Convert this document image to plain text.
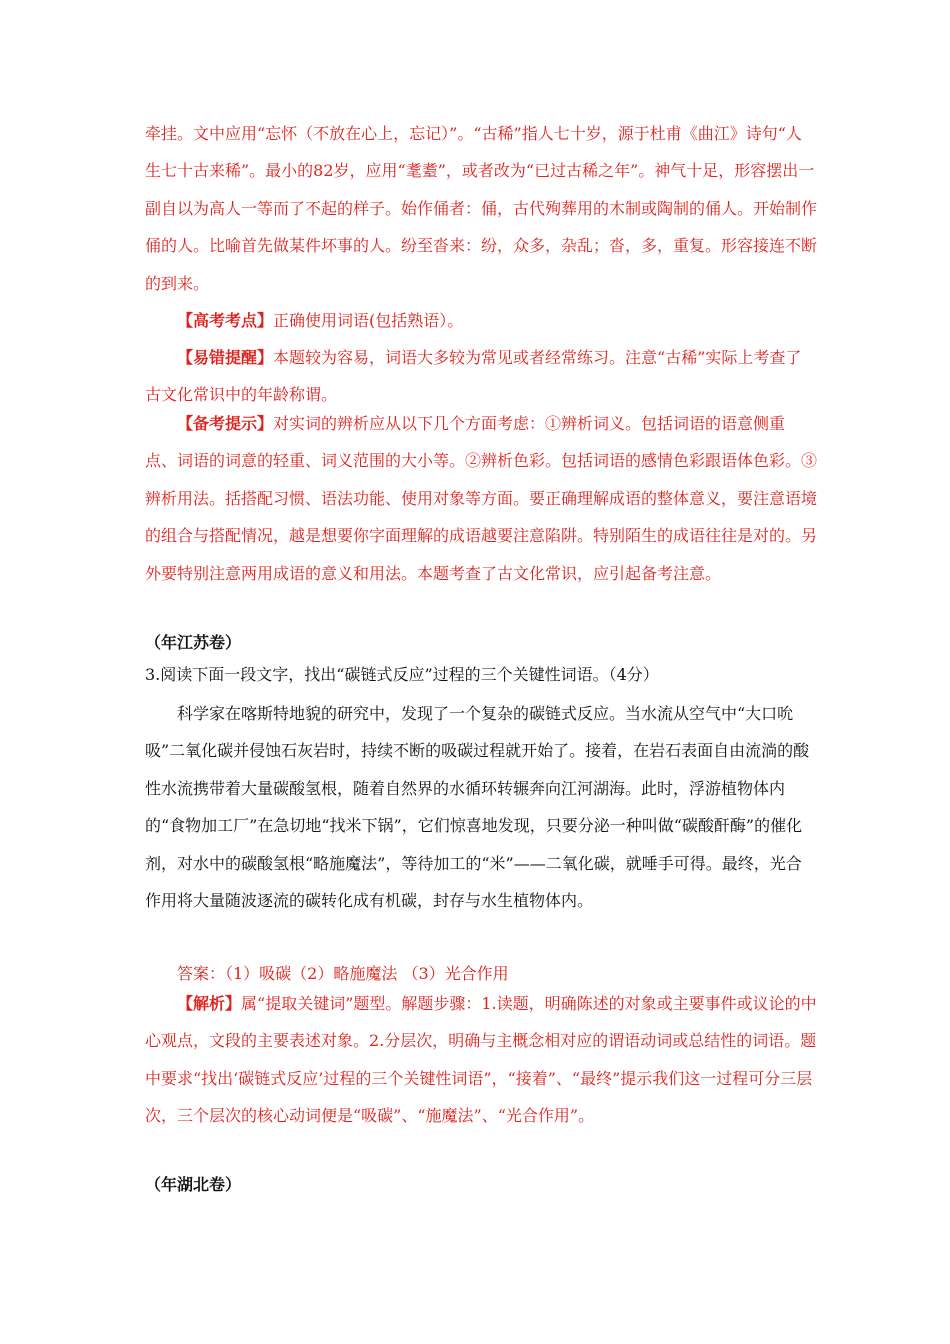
牵挂。文中应用“忘怀（不放在心上，忘记）”。“古稀”指人七十岁，源于杜甫《曲江》诗句“人生七十古来稀”。最小的82岁，应用“耄耋”，或者改为“已过古稀之年”。神气十足，形容摆出一副自以为高人一等而了不起的样子。始作俑者：俑，古代殉葬用的木制或陶制的俑人。开始制作俑的人。比喻首先做某件坏事的人。纷至沓来：纷，众多，杂乱；沓，多，重复。形容接连不断的到来。

【高考考点】正确使用词语(包括熟语）。

【易错提醒】本题较为容易，词语大多较为常见或者经常练习。注意“古稀”实际上考查了古文化常识中的年龄称谓。

【备考提示】对实词的辨析应从以下几个方面考虑：①辨析词义。包括词语的语意侧重点、词语的词意的轻重、词义范围的大小等。②辨析色彩。包括词语的感情色彩跟语体色彩。③辨析用法。括搭配习惯、语法功能、使用对象等方面。要正确理解成语的整体意义，要注意语境的组合与搭配情况，越是想要你字面理解的成语越要注意陷阱。特别陌生的成语往往是对的。另外要特别注意两用成语的意义和用法。本题考查了古文化常识，应引起备考注意。

（年江苏卷）

3.阅读下面一段文字，找出“碳链式反应”过程的三个关键性词语。（4分）

科学家在喀斯特地貌的研究中，发现了一个复杂的碳链式反应。当水流从空气中“大口吮吸”二氧化碳并侵蚀石灰岩时，持续不断的吸碳过程就开始了。接着，在岩石表面自由流淌的酸性水流携带着大量碳酸氢根，随着自然界的水循环转辗奔向江河湖海。此时，浮游植物体内的“食物加工厂”在急切地“找米下锅”，它们惊喜地发现，只要分泌一种叫做“碳酸酐酶”的催化剂，对水中的碳酸氢根“略施魔法”，等待加工的“米”——二氧化碳，就唾手可得。最终，光合作用将大量随波逐流的碳转化成有机碳，封存与水生植物体内。

答案：（1）吸碳（2）略施魔法 （3）光合作用

【解析】属“提取关键词”题型。解题步骤：1.读题，明确陈述的对象或主要事件或议论的中心观点，文段的主要表述对象。2.分层次，明确与主概念相对应的谓语动词或总结性的词语。题中要求“找出‘碳链式反应’过程的三个关键性词语”，“接着”、“最终”提示我们这一过程可分三层次，三个层次的核心动词便是“吸碳”、“施魔法”、“光合作用”。

（年湖北卷）
